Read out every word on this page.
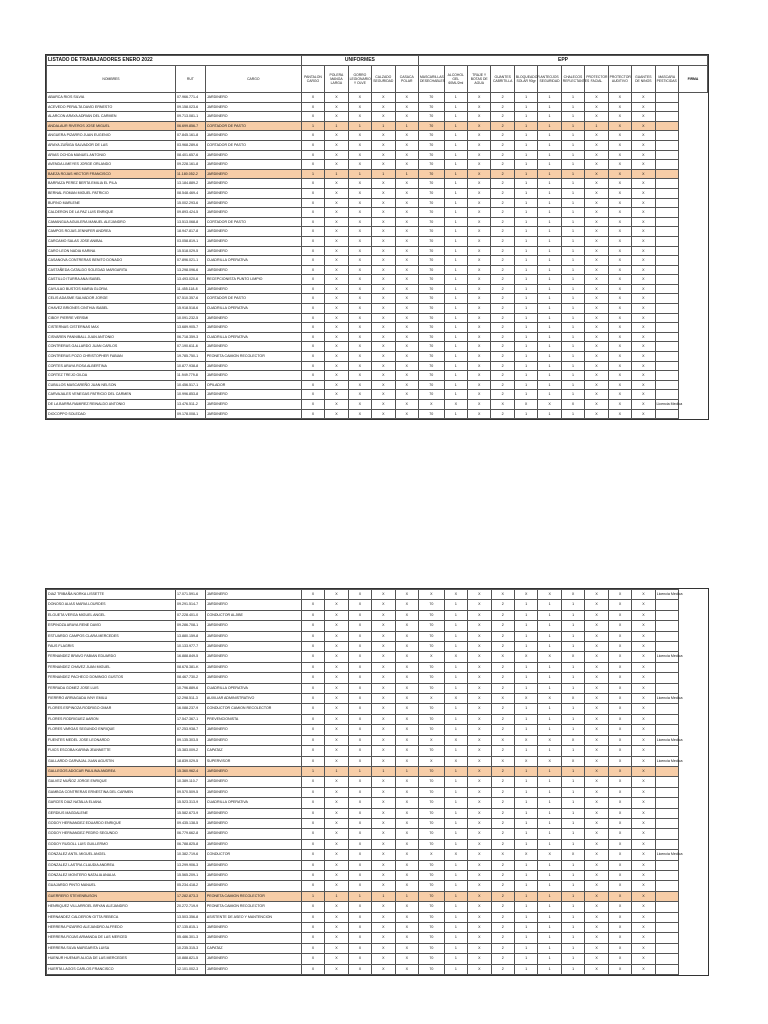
LISTADO DE TRABAJADORES ENERO 2022			UNIFORMES					EPP											
NOMBRES	RUT	CARGO	PANTALON CARGO	POLERA MANGA LARGA	GORRO LEGIONARIO Y OLVE	CALZADO SEGURIDAD	CASACA POLAR	MASCARILLAS DESECHABLES	ALCOHOL GEL 60ML/2ml	TRAJE Y BOTAS DE AGUA	GUANTES CABRITILLA	BLOQUEADOR SOLAR 90gr	ANTEOJOS SEGURIDAD	CHALECOS REFLECTANTES	PROTECTOR FACIAL	PROTECTOR AUDITIVO	GUANTES DE NINOS	MASCARA PESTICIDAS	FIRMA
ABARCA RIOS SILVIA	07.966.771-4	JARDINERO	X	X	X	X	X	70	1	X	2	1	1	1	X	X	X		
ACEVEDO PERALTA DAVID ERNESTO	09.158.023-6	JARDINERO	X	X	X	X	X	70	1	X	2	1	1	1	X	X	X		
ALARCON ARAYA ADRIAN DEL CARMEN	09.713.081-1	JARDINERO	X	X	X	X	X	70	1	X	2	1	1	1	X	X	X		
ANDALAUR RIVEROS JOSE MIGUEL	06.699.856-7	CORTADOR DE PASTO	1	1	1	1	1	70	1	X	2	1	1	1	1	X	X		
ANGUERA PIZARRO JUAN EUGENIO	07.845.161-8	JARDINERO	X	X	X	X	X	70	1	X	2	1	1	1	X	X	X		
ARAYA ZUÑIGA SALVADOR DE LAS	03.968.289-6	CORTADOR DE PASTO	X	X	X	X	X	70	1	X	2	1	1	1	X	X	X		
ARIAS OCHOA MANUEL ANTONIO	08.401.657-6	JARDINERO	X	X	X	X	X	70	1	X	2	1	1	1	X	X	X		
AVENDA LIMEYES JORGE ORLANDO	09.228.161-8	JARDINERO	X	X	X	X	X	70	1	X	2	1	1	1	X	X	X		
BAEZA ROJAS HECTOR FRANCISCO	11.180.052-2	JARDINERO	1	1	1	1	1	70	1	X	2	1	1	1	X	X	X		
BARRAZA PEREZ BERTA EMILIA EL PILA	13.184.889-2	JARDINERO	X	X	X	X	X	70	1	X	2	1	1	1	X	X	X		
BERNAL ROMAN MIGUEL PATRICIO	08.548.469-4	JARDINERO	X	X	X	X	X	70	1	X	2	1	1	1	X	X	X		
BUFINO MARLENE	15.002.293-6	JARDINERO	X	X	X	X	X	70	1	X	2	1	1	1	X	X	X		
CALDERON DE LA PAZ LUIS ENRIQUE	09.893.424-5	JARDINERO	X	X	X	X	X	70	1	X	2	1	1	1	X	X	X		
CAMANGUA AGUILERA MANUEL ALEJANDRO	13.513.068-8	CORTADOR DE PASTO	X	X	X	X	X	70	1	X	2	1	1	1	X	X	X		
CAMPOS ROJAS JENNIFER ANDREA	18.947.817-8	JARDINERO	X	X	X	X	X	70	1	X	2	1	1	1	X	X	X		
CARCAMO SALAS JOSE ANIBAL	03.058.819-1	JARDINERO	X	X	X	X	X	70	1	X	2	1	1	1	X	X	X		
CARO LEON NADIA KARINA	15.518.029-5	JARDINERO	X	X	X	X	X	70	1	X	2	1	1	1	X	X	X		
CASANOVA CONTRERAS BENITO DONADO	07.896.021-1	CUADRILLA OPERATIVA	X	X	X	X	X	70	1	X	2	1	1	1	X	X	X		
CASTAÑEDA CATALDO SOLEDAD MARGARITA	13.298.096-6	JARDINERO	X	X	X	X	X	70	1	X	2	1	1	1	X	X	X		
CASTILLO ITURRA ANA ISABEL	13.493.020-6	RECEPCIONISTA PUNTO LIMPIO	X	X	X	X	X	70	1	X	2	1	1	1	X	X	X		
CAYULAO BUSTOS MARIA GLORIA	11.455.118-8	JARDINERO	X	X	X	X	X	70	1	X	2	1	1	1	X	X	X		
CELIS ADASME SALVADOR JORGE	07.510.357-6	CORTADOR DE PASTO	X	X	X	X	X	70	1	X	2	1	1	1	X	X	X		
CHAVEZ BRIONES CINTHIA ISABEL	15.918.518-6	CUADRILLA OPERATIVA	X	X	X	X	X	70	1	X	2	1	1	1	X	X	X		
CIBOY PIERRE VERSMI	10.091.232-5	JARDINERO	X	X	X	X	X	70	1	X	2	1	1	1	X	X	X		
CISTERNAS CISTERNAS MAX	13.689.905-7	JARDINERO	X	X	X	X	X	70	1	X	2	1	1	1	X	X	X		
CISVAREN PANNIBALL JUAN ANTONIO	06.718.359-3	CUADRILLA OPERATIVA	X	X	X	X	X	70	1	X	2	1	1	1	X	X	X		
CONTRERAS GALLARDO JUAN CARLOS	07.190.611-6	JARDINERO	X	X	X	X	X	70	1	X	2	1	1	1	X	X	X		
CONTRERAS POZO CHRISTOPHER FABIAN	19.785.750-1	PEONETA CAMION RECOLECTOR	X	X	X	X	X	70	1	X	2	1	1	1	X	X	X		
CORTES ARAYA ROSA ALBERTINA	10.877.938-8	JARDINERO	X	X	X	X	X	70	1	X	2	1	1	1	X	X	X		
CORTEZ TREJO GILDA	11.949.779-8	JARDINERO	X	X	X	X	X	70	1	X	2	1	1	1	X	X	X		
CUBILLOS MASCAREÑO JUAN NELSON	10.456.517-1	OPILADOR	X	X	X	X	X	70	1	X	2	1	1	1	X	X	X		
CARVAJALES VENEGAS PATRICIO DEL CARMEN	10.996.853-8	JARDINERO	X	X	X	X	X	70	1	X	2	1	1	1	X	X	X		
DE LA BARRA RAMIREZ REINALDO ANTONIO	13.476.511-2	JARDINERO	X	X	X	X	X	X	X	X	X	X	X	X	X	X	X	Licencia Medica	
DIOCOPPO SOLEDAD	09.178.008-1	JARDINERO	X	X	X	X	X	70	1	X	2	1	1	1	X	X	X		
DIAZ TRIBAÑA NORKA LISSETTE	17.071.591-6	JARDINERO	X	X	X	X	X	X	X	X	X	X	X	X	X	X	X	Licencia Medica
DONOSO ALIAS MARIA LOURDES	09.291.514-7	JARDINERO	X	X	X	X	X	70	1	X	2	1	1	1	X	X	X	
ELGUETA VERGA MIGUEL ANGEL	07.228.401-0	CONDUCTOR ALJIBE	X	X	X	X	X	70	1	X	2	1	1	1	X	X	X	
ESPINOZA ARAYA RENE DAVID	09.286.708-1	JARDINERO	X	X	X	X	X	70	1	X	2	1	1	1	X	X	X	
ESTUARDO CAMPOS CLARA MERCEDES	13.880.159-8	JARDINERO	X	X	X	X	X	70	1	X	2	1	1	1	X	X	X	
FAUS FLAGRIS	10.133.977-7	JARDINERO	X	X	X	X	X	70	1	X	2	1	1	1	X	X	X	
FERNANDEZ BRAVO FABIAN EDUARDO	16.888.849-5	JARDINERO	X	X	X	X	X	X	X	X	X	X	X	X	X	X	X	Licencia Medica
FERNANDEZ CHAVEZ JUAN MIGUEL	08.678.381-K	JARDINERO	X	X	X	X	X	70	1	X	2	1	1	1	X	X	X	
FERNANDEZ PACHECO DOMINGO GUSTOS	08.467.730-2	JARDINERO	X	X	X	X	X	70	1	X	2	1	1	1	X	X	X	
FERRADA GOMEZ JOSE LUIS	10.796.889-6	CUADRILLA OPERATIVA	X	X	X	X	X	70	1	X	2	1	1	1	X	X	X	
FIERRRO ARRIAGADA IVNY EMILU	12.298.511-3	AUXILIAR ADMINISTRATIVO	X	X	X	X	X	X	X	X	X	X	X	X	X	X	X	Licencia Medica
FLORES ESPINOZA RODRIGO OMAR	16.088.237-9	CONDUCTOR CAMION RECOLECTOR	X	X	X	X	X	70	1	X	2	1	1	1	X	X	X	
FLORES RODRIGUEZ AARON	17.547.367-1	PREVENCIONISTA	X	X	X	X	X	70	1	X	2	1	1	1	X	X	X	
FLORES VARGAS SEGUNDO ENRIQUE	07.253.938-7	JARDINERO	X	X	X	X	X	70	1	X	2	1	1	1	X	X	X	
FUENTES MEDEL JOSE LEONARDO	09.135.303-5	JARDINERO	X	X	X	X	X	X	X	X	X	X	X	X	X	X	X	Licencia Medica
FUICS ESCOBA KARINA JEANNETTE	15.383.009-2	CAPATAZ	X	X	X	X	X	70	1	X	2	1	1	1	X	X	X	
GALLARDO CARVAJAL JUAN AGUSTIN	18.839.029-5	SUPERVISOR	X	X	X	X	X	X	X	X	X	X	X	X	X	X	X	Licencia Medica
GALLEGOS ADOCAR PAULINA ANDREA	15.360.962-4	JARDINERO	1	1	1	1	1	70	1	X	2	1	1	1	X	X	X	
GALVEZ MUÑOZ JORGE ENRIQUE	10.389.110-7	JARDINERO	X	X	X	X	X	70	1	X	2	1	1	1	X	X	X	
GAMBOA CONTRERAS ERNESTINA DEL CARMEN	09.570.509-5	JARDINERO	X	X	X	X	X	70	1	X	2	1	1	1	X	X	X	
GARCES DIAZ NATALIA ELIANA	15.523.313-9	CUADRILLA OPERATIVA	X	X	X	X	X	70	1	X	2	1	1	1	X	X	X	
GERDIUS MAGDALENE	15.582.673-9	JARDINERO	X	X	X	X	X	70	1	X	2	1	1	1	X	X	X	
GODOY HERNANDEZ EDUARDO ENRIQUE	09.435.138-5	JARDINERO	X	X	X	X	X	70	1	X	2	1	1	1	X	X	X	
GODOY HERNANDEZ PEDRO SEGUNDO	06.779.662-8	JARDINERO	X	X	X	X	X	70	1	X	2	1	1	1	X	X	X	
GODOY RUDOLL LUIS GUILLERMO	06.788.825-8	JARDINERO	X	X	X	X	X	70	1	X	2	1	1	1	X	X	X	
GONZALEZ ANTIL MIGUEL ANGEL	10.382.719-6	CONDUCTOR	X	X	X	X	X	X	X	X	X	X	X	X	X	X	X	Licencia Medica
GONZALEZ LASTRA CLAUDIA ANDREA	13.299.906-3	JARDINERO	X	X	X	X	X	70	1	X	2	1	1	1	X	X	X	
GONZALEZ MONTERO NATALIA ANALIA	15.565.209-1	JARDINERO	X	X	X	X	X	70	1	X	2	1	1	1	X	X	X	
GUAJARDO PINTO MANUEL	05.234.418-2	JARDINERO	X	X	X	X	X	70	1	X	2	1	1	1	X	X	X	
GUERRERO STEVENBUSON	17.282.873-3	PEONETA CAMION RECOLECTOR	1	1	1	1	1	70	1	X	2	1	1	1	X	X	X	
HENRIQUEZ VILLARROEL BRYAN ALEJANDRO	20.272.719-9	PEONETA CAMION RECOLECTOR	X	X	X	X	X	70	1	X	2	1	1	1	X	X	X	
HERNANDEZ CALDERON GITTA REBECA	13.503.356-8	ASISTENTE DE ASEO Y MANTENCION	X	X	X	X	X	70	1	X	2	1	1	1	X	X	X	
HERRERA PIZARRO ALEJANDRO ALFREDO	07.135.815-1	JARDINERO	X	X	X	X	X	70	1	X	2	1	1	1	X	X	X	
HERRERA ROJAS ARMANDA DE LAS MERCED	05.486.301-3	JARDINERO	X	X	X	X	X	70	1	X	2	1	1	1	X	X	X	
HERRERA SILVA MARGARITA LUISA	10.235.315-3	CAPATAZ	X	X	X	X	X	70	1	X	2	1	1	1	X	X	X	
HUENUR HUENUR ALICIA DE LAS MERCEDES	10.888.821-5	JARDINERO	X	X	X	X	X	70	1	X	2	1	1	1	X	X	X	
HUERTA LAGOS CARLOS FRANCISCO	12.101.002-3	JARDINERO	X	X	X	X	X	70	1	X	2	1	1	1	X	X	X	
